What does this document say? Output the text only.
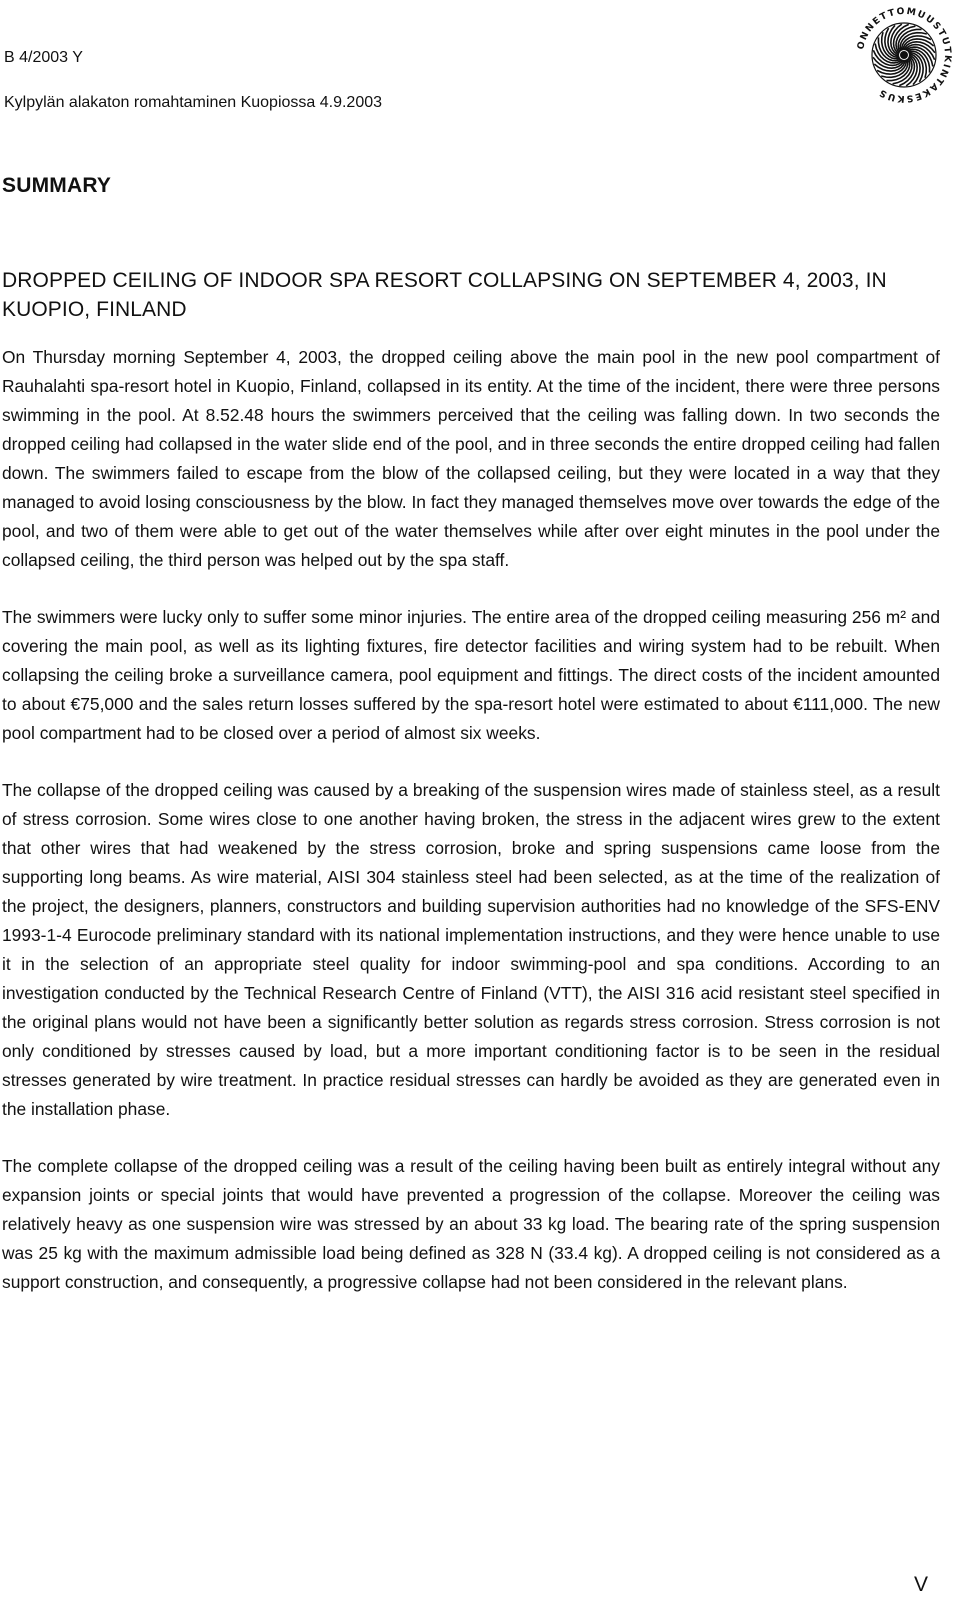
B 4/2003 Y
Kylpylän alakaton romahtaminen Kuopiossa 4.9.2003
ONNETTOMUUSTUTKINTAKESKUS
SUMMARY
DROPPED CEILING OF INDOOR SPA RESORT COLLAPSING ON SEPTEMBER 4, 2003, IN KUOPIO, FINLAND

On Thursday morning September 4, 2003, the dropped ceiling above the main pool in the new pool compartment of Rauhalahti spa-resort hotel in Kuopio, Finland, collapsed in its entity. At the time of the incident, there were three persons swimming in the pool. At 8.52.48 hours the swimmers perceived that the ceiling was falling down. In two seconds the dropped ceiling had collapsed in the water slide end of the pool, and in three seconds the entire dropped ceiling had fallen down. The swimmers failed to escape from the blow of the collapsed ceiling, but they were located in a way that they managed to avoid losing consciousness by the blow. In fact they managed themselves move over towards the edge of the pool, and two of them were able to get out of the water themselves while after over eight minutes in the pool under the collapsed ceiling, the third person was helped out by the spa staff.

The swimmers were lucky only to suffer some minor injuries. The entire area of the dropped ceiling measuring 256 m² and covering the main pool, as well as its lighting fixtures, fire detector facilities and wiring system had to be rebuilt. When collapsing the ceiling broke a surveillance camera, pool equipment and fittings. The direct costs of the incident amounted to about €75,000 and the sales return losses suffered by the spa-resort hotel were estimated to about €111,000. The new pool compartment had to be closed over a period of almost six weeks.

The collapse of the dropped ceiling was caused by a breaking of the suspension wires made of stainless steel, as a result of stress corrosion. Some wires close to one another having broken, the stress in the adjacent wires grew to the extent that other wires that had weakened by the stress corrosion, broke and spring suspensions came loose from the supporting long beams. As wire material, AISI 304 stainless steel had been selected, as at the time of the realization of the project, the designers, planners, constructors and building supervision authorities had no knowledge of the SFS-ENV 1993-1-4 Eurocode preliminary standard with its national implementation instructions, and they were hence unable to use it in the selection of an appropriate steel quality for indoor swimming-pool and spa conditions. According to an investigation conducted by the Technical Research Centre of Finland (VTT), the AISI 316 acid resistant steel specified in the original plans would not have been a significantly better solution as regards stress corrosion. Stress corrosion is not only conditioned by stresses caused by load, but a more important conditioning factor is to be seen in the residual stresses generated by wire treatment. In practice residual stresses can hardly be avoided as they are generated even in the installation phase.

The complete collapse of the dropped ceiling was a result of the ceiling having been built as entirely integral without any expansion joints or special joints that would have prevented a progression of the collapse. Moreover the ceiling was relatively heavy as one suspension wire was stressed by an about 33 kg load. The bearing rate of the spring suspension was 25 kg with the maximum admissible load being defined as 328 N (33.4 kg). A dropped ceiling is not considered as a support construction, and consequently, a progressive collapse had not been considered in the relevant plans.

V
